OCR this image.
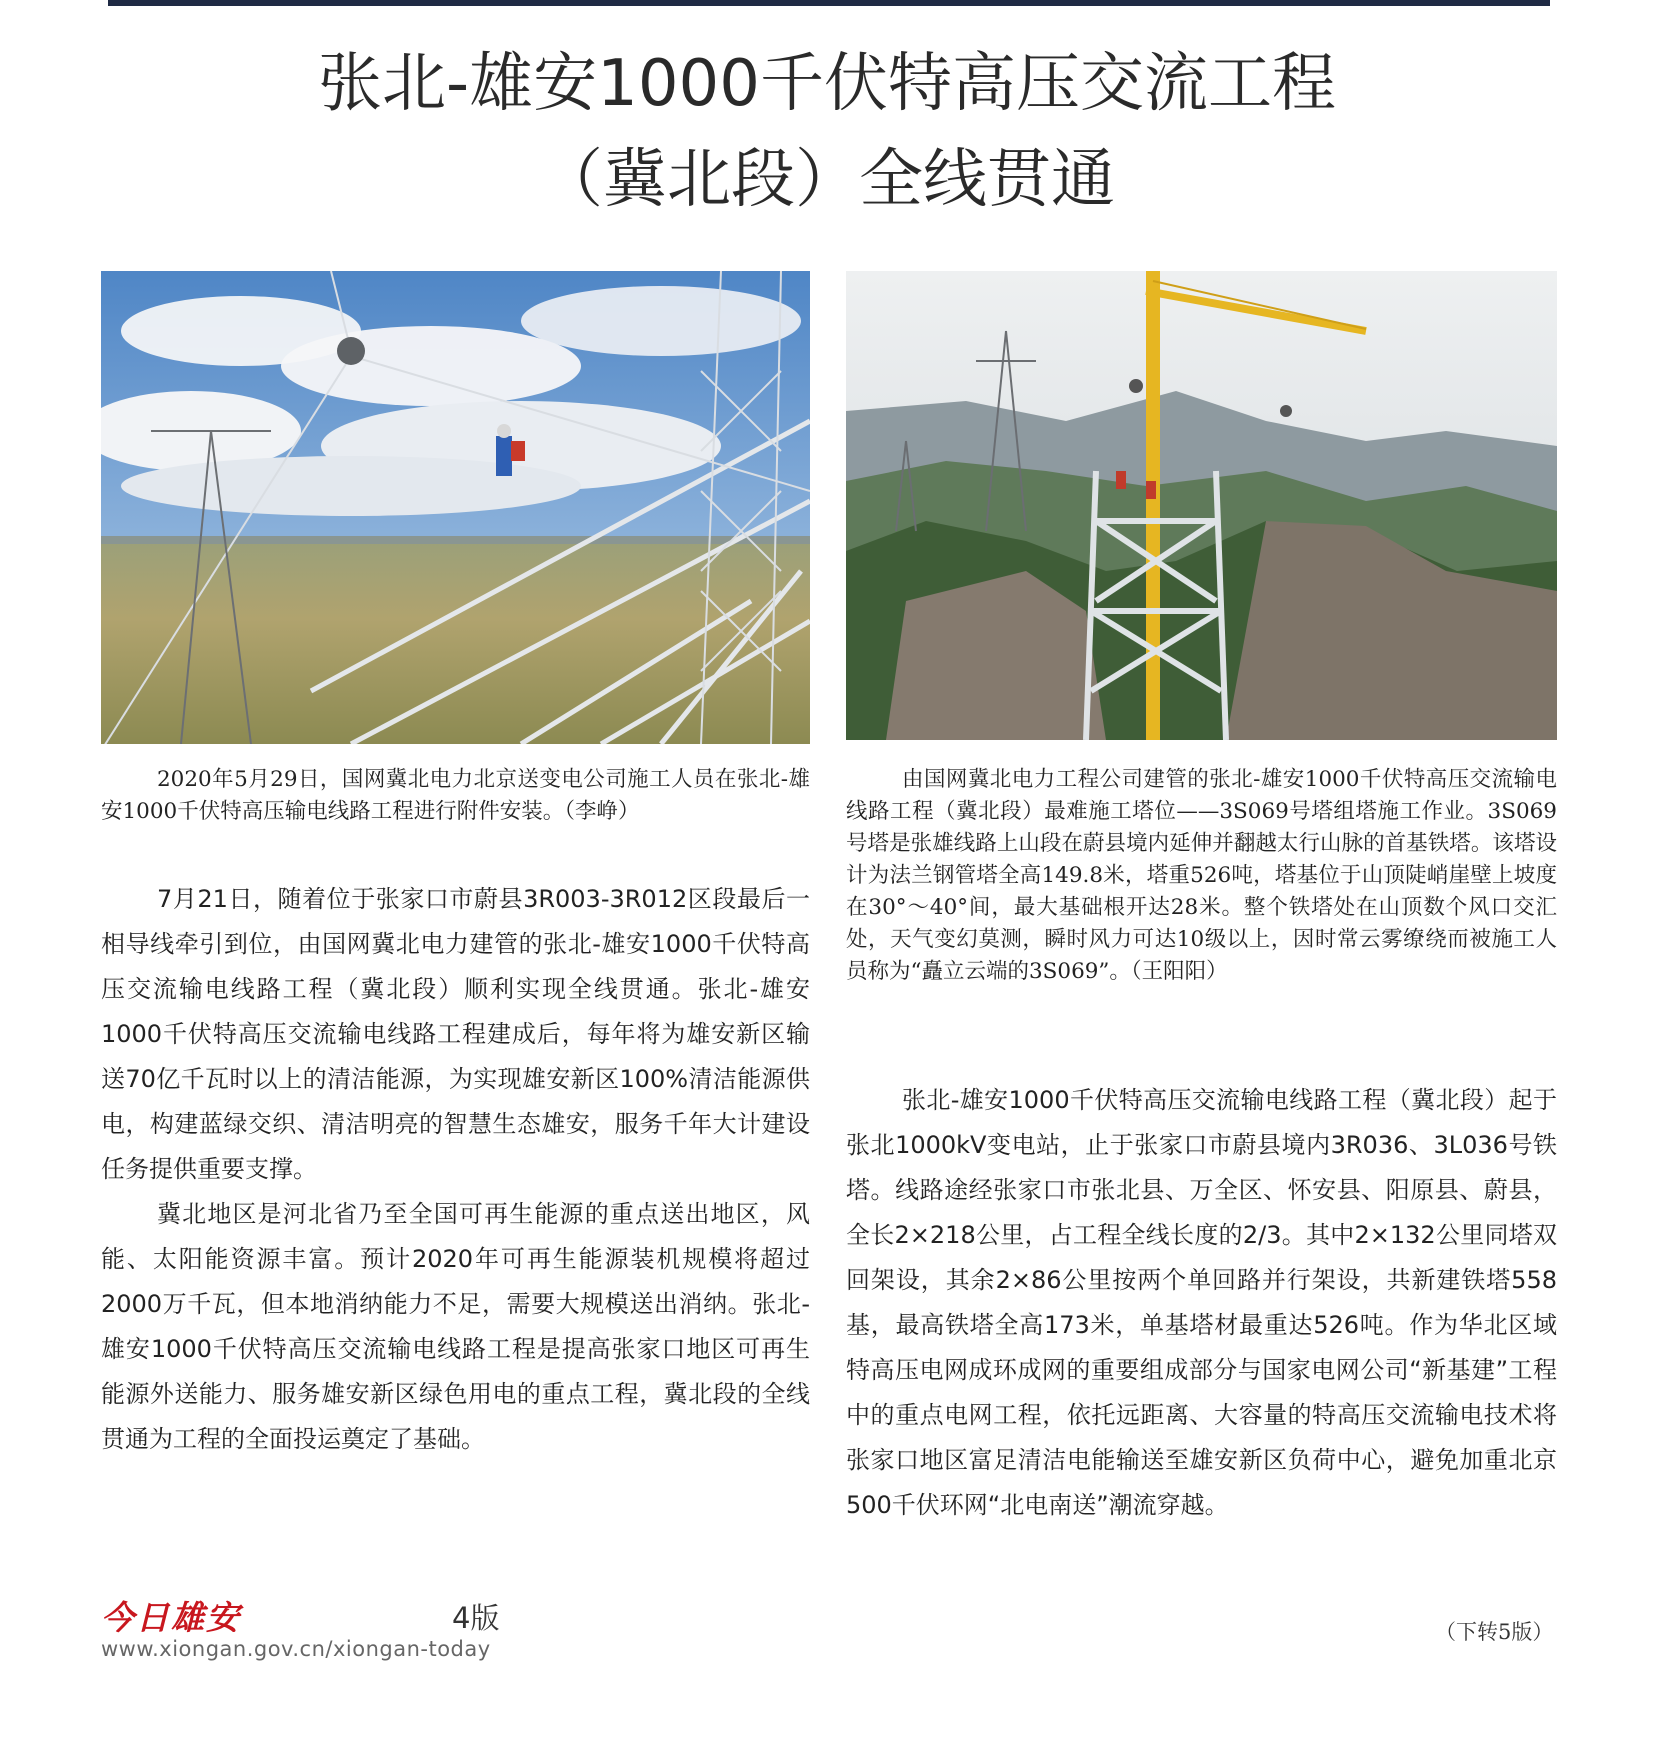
张北-雄安1000千伏特高压交流工程
（冀北段）全线贯通

2020年5月29日，国网冀北电力北京送变电公司施工人员在张北-雄安1000千伏特高压输电线路工程进行附件安装。（李峥）

由国网冀北电力工程公司建管的张北-雄安1000千伏特高压交流输电线路工程（冀北段）最难施工塔位——3S069号塔组塔施工作业。3S069号塔是张雄线路上山段在蔚县境内延伸并翻越太行山脉的首基铁塔。该塔设计为法兰钢管塔全高149.8米，塔重526吨，塔基位于山顶陡峭崖壁上坡度在30°～40°间，最大基础根开达28米。整个铁塔处在山顶数个风口交汇处，天气变幻莫测，瞬时风力可达10级以上，因时常云雾缭绕而被施工人员称为“矗立云端的3S069”。（王阳阳）

7月21日，随着位于张家口市蔚县3R003-3R012区段最后一相导线牵引到位，由国网冀北电力建管的张北-雄安1000千伏特高压交流输电线路工程（冀北段）顺利实现全线贯通。张北-雄安1000千伏特高压交流输电线路工程建成后，每年将为雄安新区输送70亿千瓦时以上的清洁能源，为实现雄安新区100%清洁能源供电，构建蓝绿交织、清洁明亮的智慧生态雄安，服务千年大计建设任务提供重要支撑。

冀北地区是河北省乃至全国可再生能源的重点送出地区，风能、太阳能资源丰富。预计2020年可再生能源装机规模将超过2000万千瓦，但本地消纳能力不足，需要大规模送出消纳。张北-雄安1000千伏特高压交流输电线路工程是提高张家口地区可再生能源外送能力、服务雄安新区绿色用电的重点工程，冀北段的全线贯通为工程的全面投运奠定了基础。

张北-雄安1000千伏特高压交流输电线路工程（冀北段）起于张北1000kV变电站，止于张家口市蔚县境内3R036、3L036号铁塔。线路途经张家口市张北县、万全区、怀安县、阳原县、蔚县，全长2×218公里，占工程全线长度的2/3。其中2×132公里同塔双回架设，其余2×86公里按两个单回路并行架设，共新建铁塔558基，最高铁塔全高173米，单基塔材最重达526吨。作为华北区域特高压电网成环成网的重要组成部分与国家电网公司“新基建”工程中的重点电网工程，依托远距离、大容量的特高压交流输电技术将张家口地区富足清洁电能输送至雄安新区负荷中心，避免加重北京500千伏环网“北电南送”潮流穿越。

今日雄安	4版
www.xiongan.gov.cn/xiongan-today
（下转5版）
